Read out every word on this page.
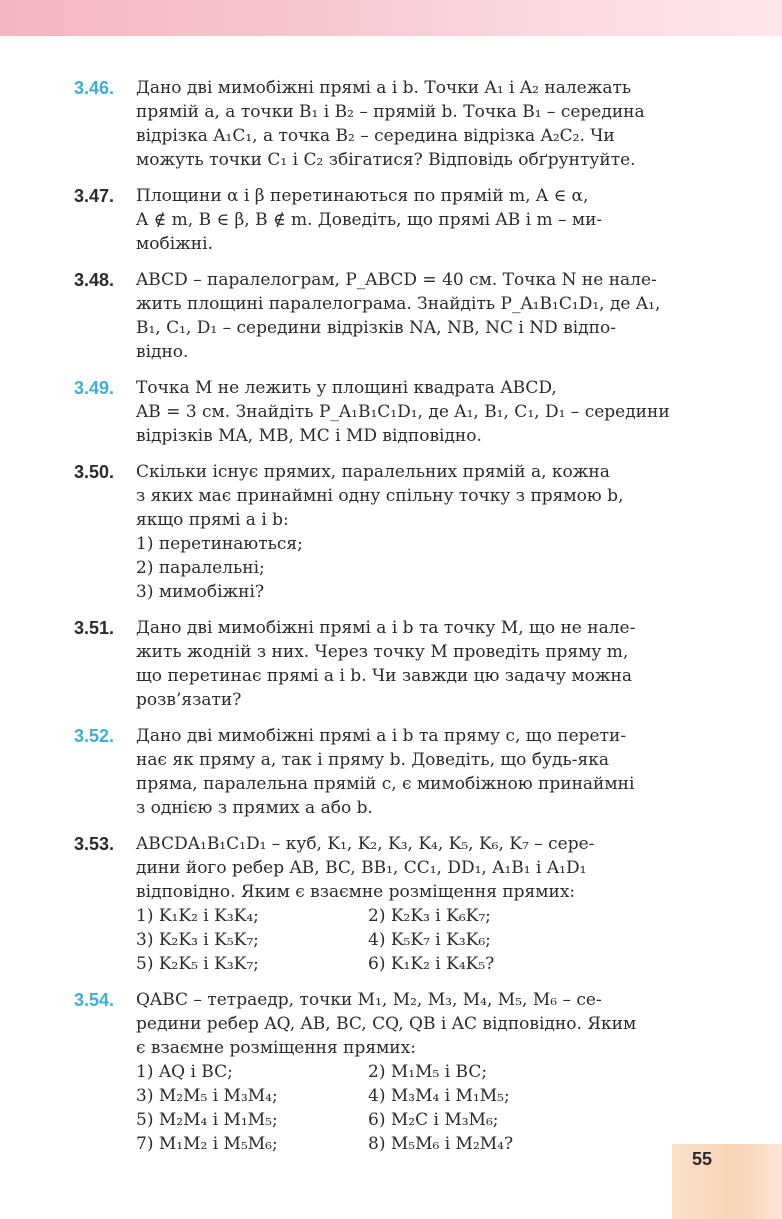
3.46.	Дано дві мимобіжні прямі a і b. Точки A₁ і A₂ належать
прямій a, а точки B₁ і B₂ – прямій b. Точка B₁ – середина
відрізка A₁C₁, а точка B₂ – середина відрізка A₂C₂. Чи
можуть точки C₁ і C₂ збігатися? Відповідь обґрунтуйте.
3.47.	Площини α і β перетинаються по прямій m, A ∈ α,
A ∉ m, B ∈ β, B ∉ m. Доведіть, що прямі AB і m – ми-
мобіжні.
3.48.	ABCD – паралелограм, P_ABCD = 40 см. Точка N не нале-
жить площині паралелограма. Знайдіть P_A₁B₁C₁D₁, де A₁,
B₁, C₁, D₁ – середини відрізків NA, NB, NC і ND відпо-
відно.
3.49.	Точка M не лежить у площині квадрата ABCD,
AB = 3 см. Знайдіть P_A₁B₁C₁D₁, де A₁, B₁, C₁, D₁ – середини
відрізків MA, MB, MC і MD відповідно.
3.50.	Скільки існує прямих, паралельних прямій a, кожна
з яких має принаймні одну спільну точку з прямою b,
якщо прямі a і b:
1) перетинаються;
2) паралельні;
3) мимобіжні?
3.51.	Дано дві мимобіжні прямі a і b та точку M, що не нале-
жить жодній з них. Через точку M проведіть пряму m,
що перетинає прямі a і b. Чи завжди цю задачу можна
розв’язати?
3.52.	Дано дві мимобіжні прямі a і b та пряму c, що перети-
нає як пряму a, так і пряму b. Доведіть, що будь-яка
пряма, паралельна прямій c, є мимобіжною принаймні
з однією з прямих a або b.
3.53.	ABCDA₁B₁C₁D₁ – куб, K₁, K₂, K₃, K₄, K₅, K₆, K₇ – сере-
дини його ребер AB, BC, BB₁, CC₁, DD₁, A₁B₁ і A₁D₁
відповідно. Яким є взаємне розміщення прямих:
1) K₁K₂ і K₃K₄;	2) K₂K₃ і K₆K₇;
3) K₂K₃ і K₅K₇;	4) K₅K₇ і K₃K₆;
5) K₂K₅ і K₃K₇;	6) K₁K₂ і K₄K₅?
3.54.	QABC – тетраедр, точки M₁, M₂, M₃, M₄, M₅, M₆ – се-
редини ребер AQ, AB, BC, CQ, QB і AC відповідно. Яким
є взаємне розміщення прямих:
1) AQ і BC;	2) M₁M₅ і BC;
3) M₂M₅ і M₃M₄;	4) M₃M₄ і M₁M₅;
5) M₂M₄ і M₁M₅;	6) M₂C і M₃M₆;
7) M₁M₂ і M₅M₆;	8) M₅M₆ і M₂M₄?
55
